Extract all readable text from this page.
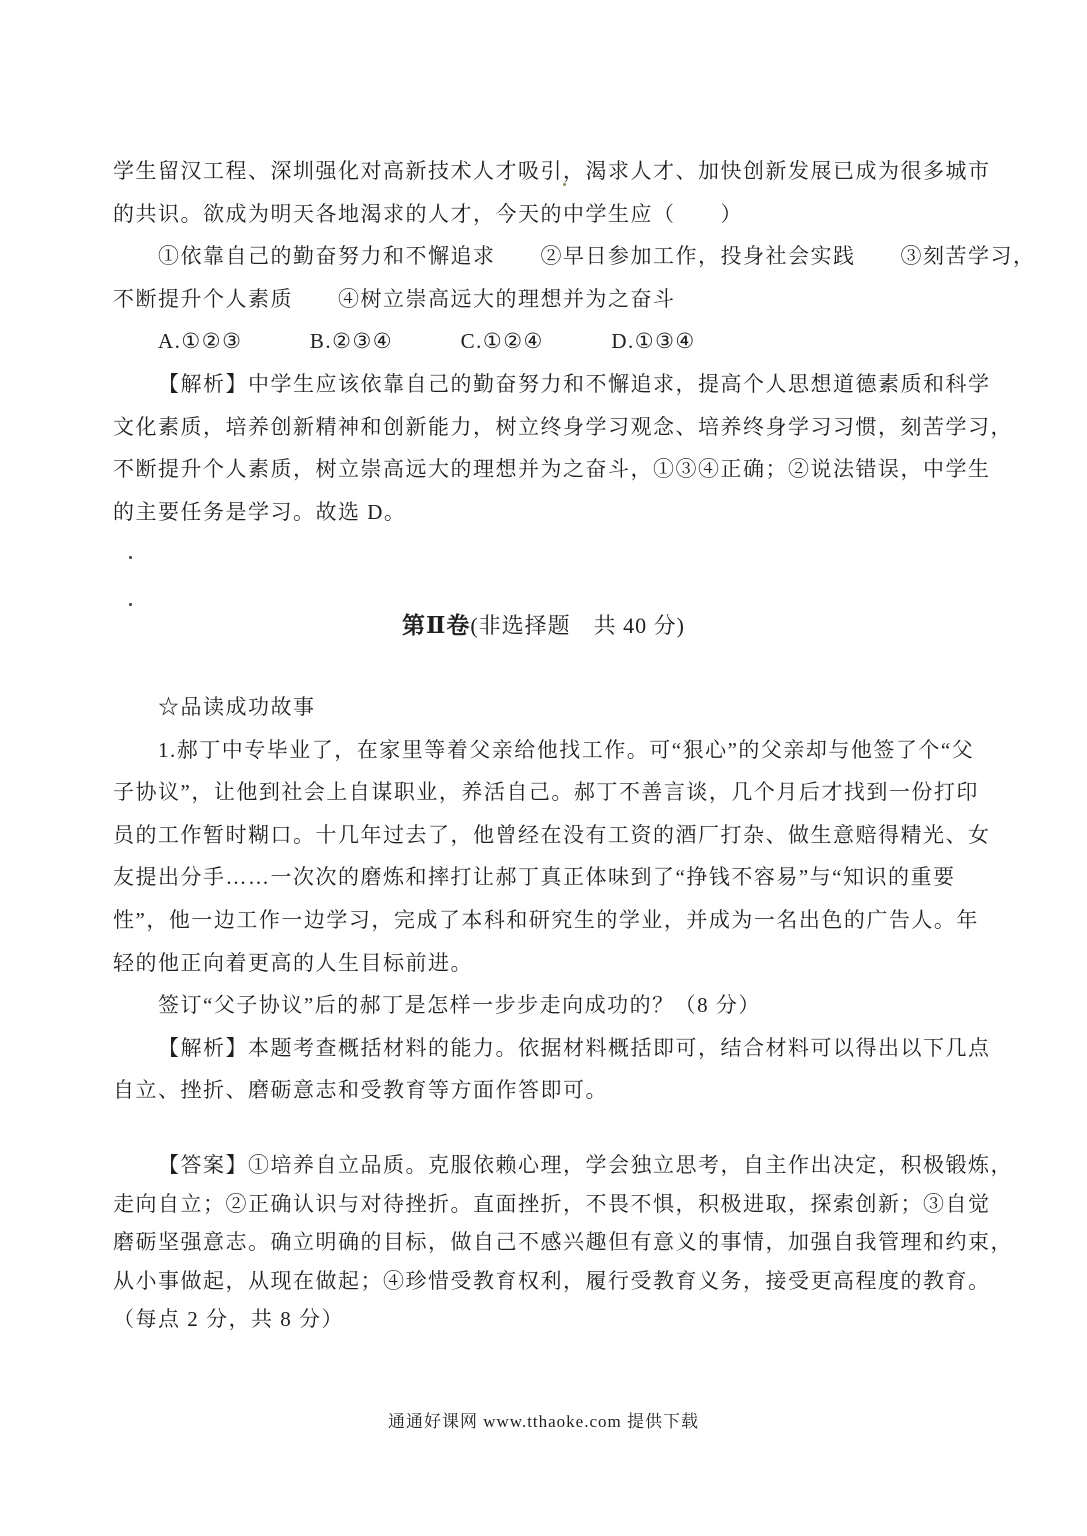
学生留汉工程、深圳强化对高新技术人才吸引，渴求人才、加快创新发展已成为很多城市
的共识。欲成为明天各地渴求的人才，今天的中学生应（　　）
①依靠自己的勤奋努力和不懈追求　　②早日参加工作，投身社会实践　　③刻苦学习，
不断提升个人素质　　④树立崇高远大的理想并为之奋斗
A.①②③　　　B.②③④　　　C.①②④　　　D.①③④
【解析】中学生应该依靠自己的勤奋努力和不懈追求，提高个人思想道德素质和科学
文化素质，培养创新精神和创新能力，树立终身学习观念、培养终身学习习惯，刻苦学习，
不断提升个人素质，树立崇高远大的理想并为之奋斗，①③④正确；②说法错误，中学生
的主要任务是学习。故选 D。
第Ⅱ卷(非选择题　共 40 分)
☆品读成功故事
1.郝丁中专毕业了，在家里等着父亲给他找工作。可“狠心”的父亲却与他签了个“父
子协议”，让他到社会上自谋职业，养活自己。郝丁不善言谈，几个月后才找到一份打印
员的工作暂时糊口。十几年过去了，他曾经在没有工资的酒厂打杂、做生意赔得精光、女
友提出分手……一次次的磨炼和摔打让郝丁真正体味到了“挣钱不容易”与“知识的重要
性”，他一边工作一边学习，完成了本科和研究生的学业，并成为一名出色的广告人。年
轻的他正向着更高的人生目标前进。
签订“父子协议”后的郝丁是怎样一步步走向成功的？（8 分）
【解析】本题考查概括材料的能力。依据材料概括即可，结合材料可以得出以下几点
自立、挫折、磨砺意志和受教育等方面作答即可。
【答案】①培养自立品质。克服依赖心理，学会独立思考，自主作出决定，积极锻炼，
走向自立；②正确认识与对待挫折。直面挫折，不畏不惧，积极进取，探索创新；③自觉
磨砺坚强意志。确立明确的目标，做自己不感兴趣但有意义的事情，加强自我管理和约束，
从小事做起，从现在做起；④珍惜受教育权利，履行受教育义务，接受更高程度的教育。
（每点 2 分，共 8 分）
通通好课网 www.tthaoke.com 提供下载
